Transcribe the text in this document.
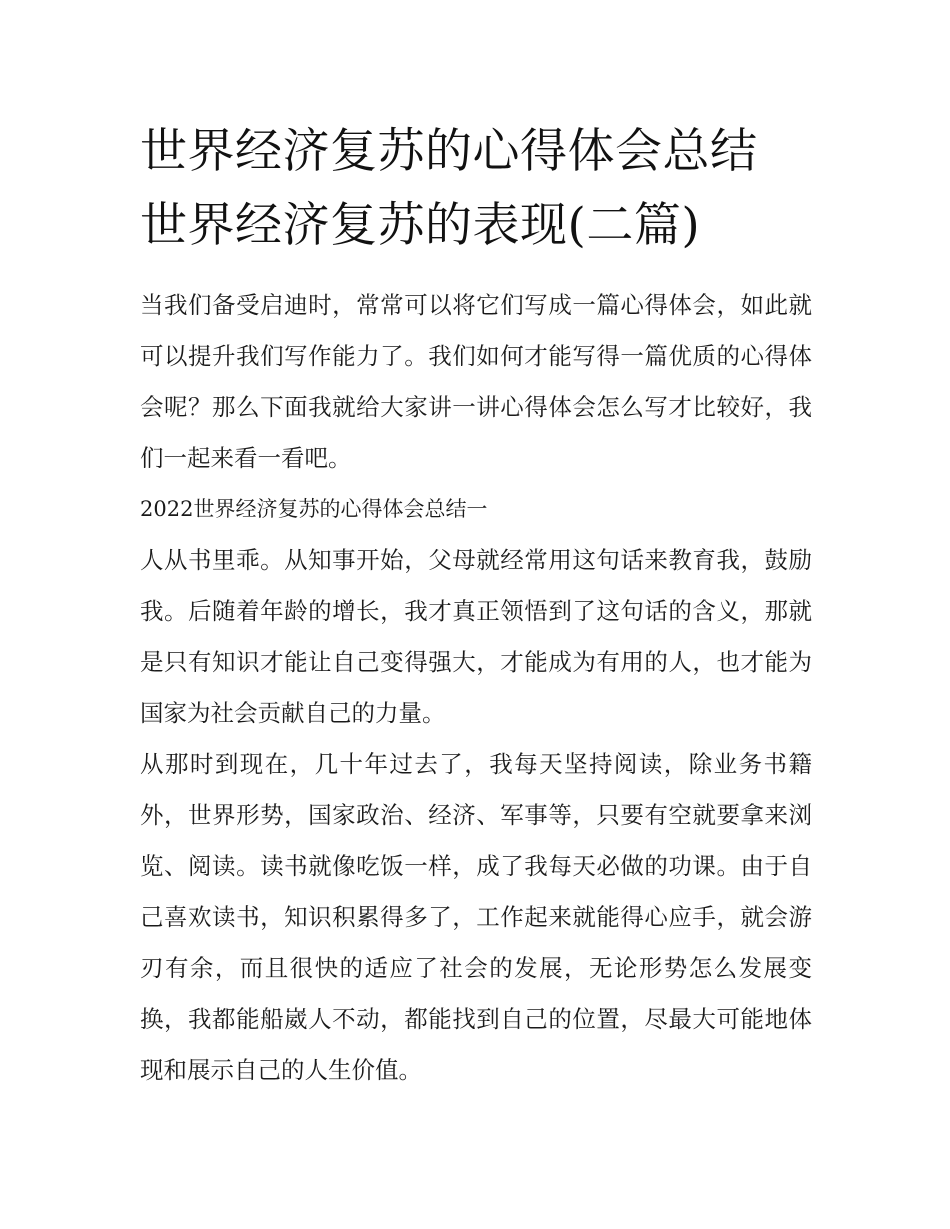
世界经济复苏的心得体会总结
世界经济复苏的表现(二篇)

当我们备受启迪时，常常可以将它们写成一篇心得体会，如此就可以提升我们写作能力了。我们如何才能写得一篇优质的心得体会呢？那么下面我就给大家讲一讲心得体会怎么写才比较好，我们一起来看一看吧。

2022世界经济复苏的心得体会总结一

人从书里乖。从知事开始，父母就经常用这句话来教育我，鼓励我。后随着年龄的增长，我才真正领悟到了这句话的含义，那就是只有知识才能让自己变得强大，才能成为有用的人，也才能为国家为社会贡献自己的力量。

从那时到现在，几十年过去了，我每天坚持阅读，除业务书籍外，世界形势，国家政治、经济、军事等，只要有空就要拿来浏览、阅读。读书就像吃饭一样，成了我每天必做的功课。由于自己喜欢读书，知识积累得多了，工作起来就能得心应手，就会游刃有余，而且很快的适应了社会的发展，无论形势怎么发展变换，我都能船崴人不动，都能找到自己的位置，尽最大可能地体现和展示自己的人生价值。
